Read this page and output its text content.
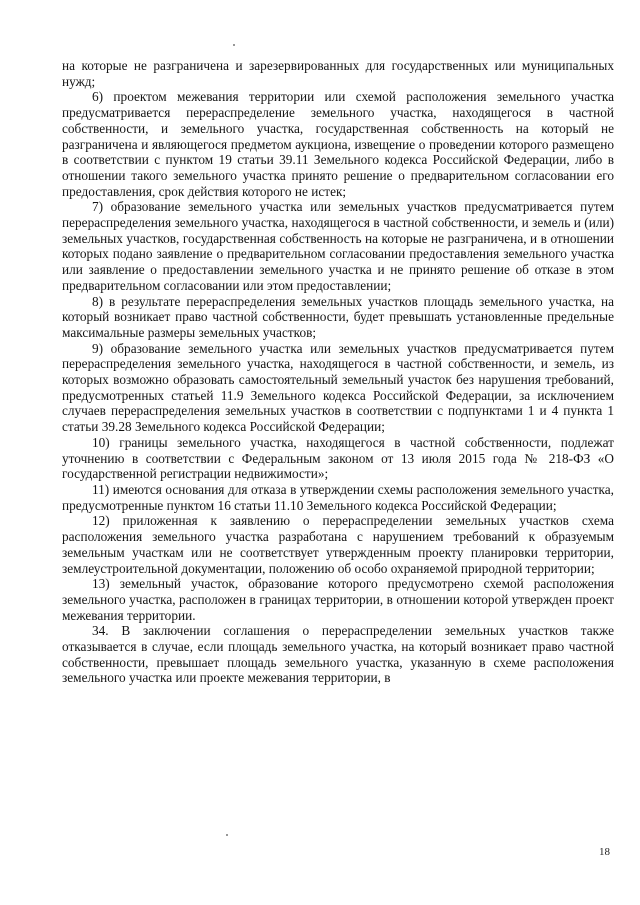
на которые не разграничена и зарезервированных для государственных или муниципальных нужд;

6) проектом межевания территории или схемой расположения земельного участка предусматривается перераспределение земельного участка, находящегося в частной собственности, и земельного участка, государственная собственность на который не разграничена и являющегося предметом аукциона, извещение о проведении которого размещено в соответствии с пунктом 19 статьи 39.11 Земельного кодекса Российской Федерации, либо в отношении такого земельного участка принято решение о предварительном согласовании его предоставления, срок действия которого не истек;

7) образование земельного участка или земельных участков предусматривается путем перераспределения земельного участка, находящегося в частной собственности, и земель и (или) земельных участков, государственная собственность на которые не разграничена, и в отношении которых подано заявление о предварительном согласовании предоставления земельного участка или заявление о предоставлении земельного участка и не принято решение об отказе в этом предварительном согласовании или этом предоставлении;

8) в результате перераспределения земельных участков площадь земельного участка, на который возникает право частной собственности, будет превышать установленные предельные максимальные размеры земельных участков;

9) образование земельного участка или земельных участков предусматривается путем перераспределения земельного участка, находящегося в частной собственности, и земель, из которых возможно образовать самостоятельный земельный участок без нарушения требований, предусмотренных статьей 11.9 Земельного кодекса Российской Федерации, за исключением случаев перераспределения земельных участков в соответствии с подпунктами 1 и 4 пункта 1 статьи 39.28 Земельного кодекса Российской Федерации;

10) границы земельного участка, находящегося в частной собственности, подлежат уточнению в соответствии с Федеральным законом от 13 июля 2015 года № 218-ФЗ «О государственной регистрации недвижимости»;

11) имеются основания для отказа в утверждении схемы расположения земельного участка, предусмотренные пунктом 16 статьи 11.10 Земельного кодекса Российской Федерации;

12) приложенная к заявлению о перераспределении земельных участков схема расположения земельного участка разработана с нарушением требований к образуемым земельным участкам или не соответствует утвержденным проекту планировки территории, землеустроительной документации, положению об особо охраняемой природной территории;

13) земельный участок, образование которого предусмотрено схемой расположения земельного участка, расположен в границах территории, в отношении которой утвержден проект межевания территории.

34. В заключении соглашения о перераспределении земельных участков также отказывается в случае, если площадь земельного участка, на который возникает право частной собственности, превышает площадь земельного участка, указанную в схеме расположения земельного участка или проекте межевания территории, в

18
